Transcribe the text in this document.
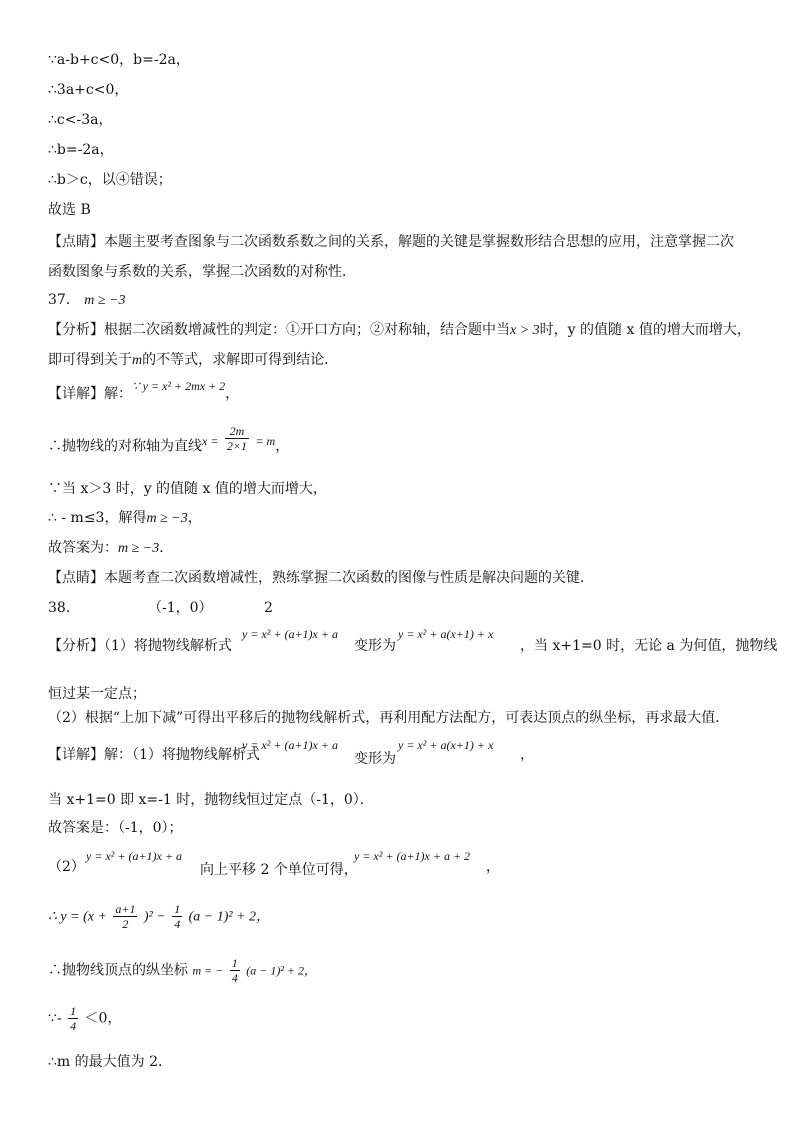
∵a-b+c<0，b=-2a，
∴3a+c<0，
∴c<-3a，
∴b=-2a，
∴b＞c，以④错误；
故选 B
【点睛】本题主要考查图象与二次函数系数之间的关系，解题的关键是掌握数形结合思想的应用，注意掌握二次
函数图象与系数的关系，掌握二次函数的对称性．
37． m ≥ −3
【分析】根据二次函数增减性的判定：①开口方向；②对称轴，结合题中当x > 3时，y 的值随 x 值的增大而增大，
即可得到关于m的不等式，求解即可得到结论．
【详解】解：∵ y = x² + 2mx + 2，
∴抛物线的对称轴为直线$x = \frac{2m}{2\times 1} = m$，
∵当 x＞3 时，y 的值随 x 值的增大而增大，
∴ - m≤3，解得m ≥ −3，
故答案为：m ≥ −3．
【点睛】本题考查二次函数增减性，熟练掌握二次函数的图像与性质是解决问题的关键．
38．	（-1，0）	2
【分析】（1）将抛物线解析式
y = x² + (a+1)x + a
变形为
y = x² + a(x+1) + x
，当 x+1=0 时，无论 a 为何值，抛物线
恒过某一定点；
（2）根据“上加下减”可得出平移后的抛物线解析式，再利用配方法配方，可表达顶点的纵坐标，再求最大值．
【详解】解：（1）将抛物线解析式
y = x² + (a+1)x + a
变形为
y = x² + a(x+1) + x
，
当 x+1=0 即 x=-1 时，抛物线恒过定点（-1，0）．
故答案是：（-1，0）；
（2）
y = x² + (a+1)x + a
向上平移 2 个单位可得，
y = x² + (a+1)x + a + 2
，
∴ $y = (x + \frac{a+1}{2} )^2 - \frac{1}{4} (a - 1)^2 + 2$，
∴抛物线顶点的纵坐标 m = − $\frac{1}{4} (a - 1)^2 + 2$，
∵- $\frac{1}{4} <0$，
∴m 的最大值为 2．
